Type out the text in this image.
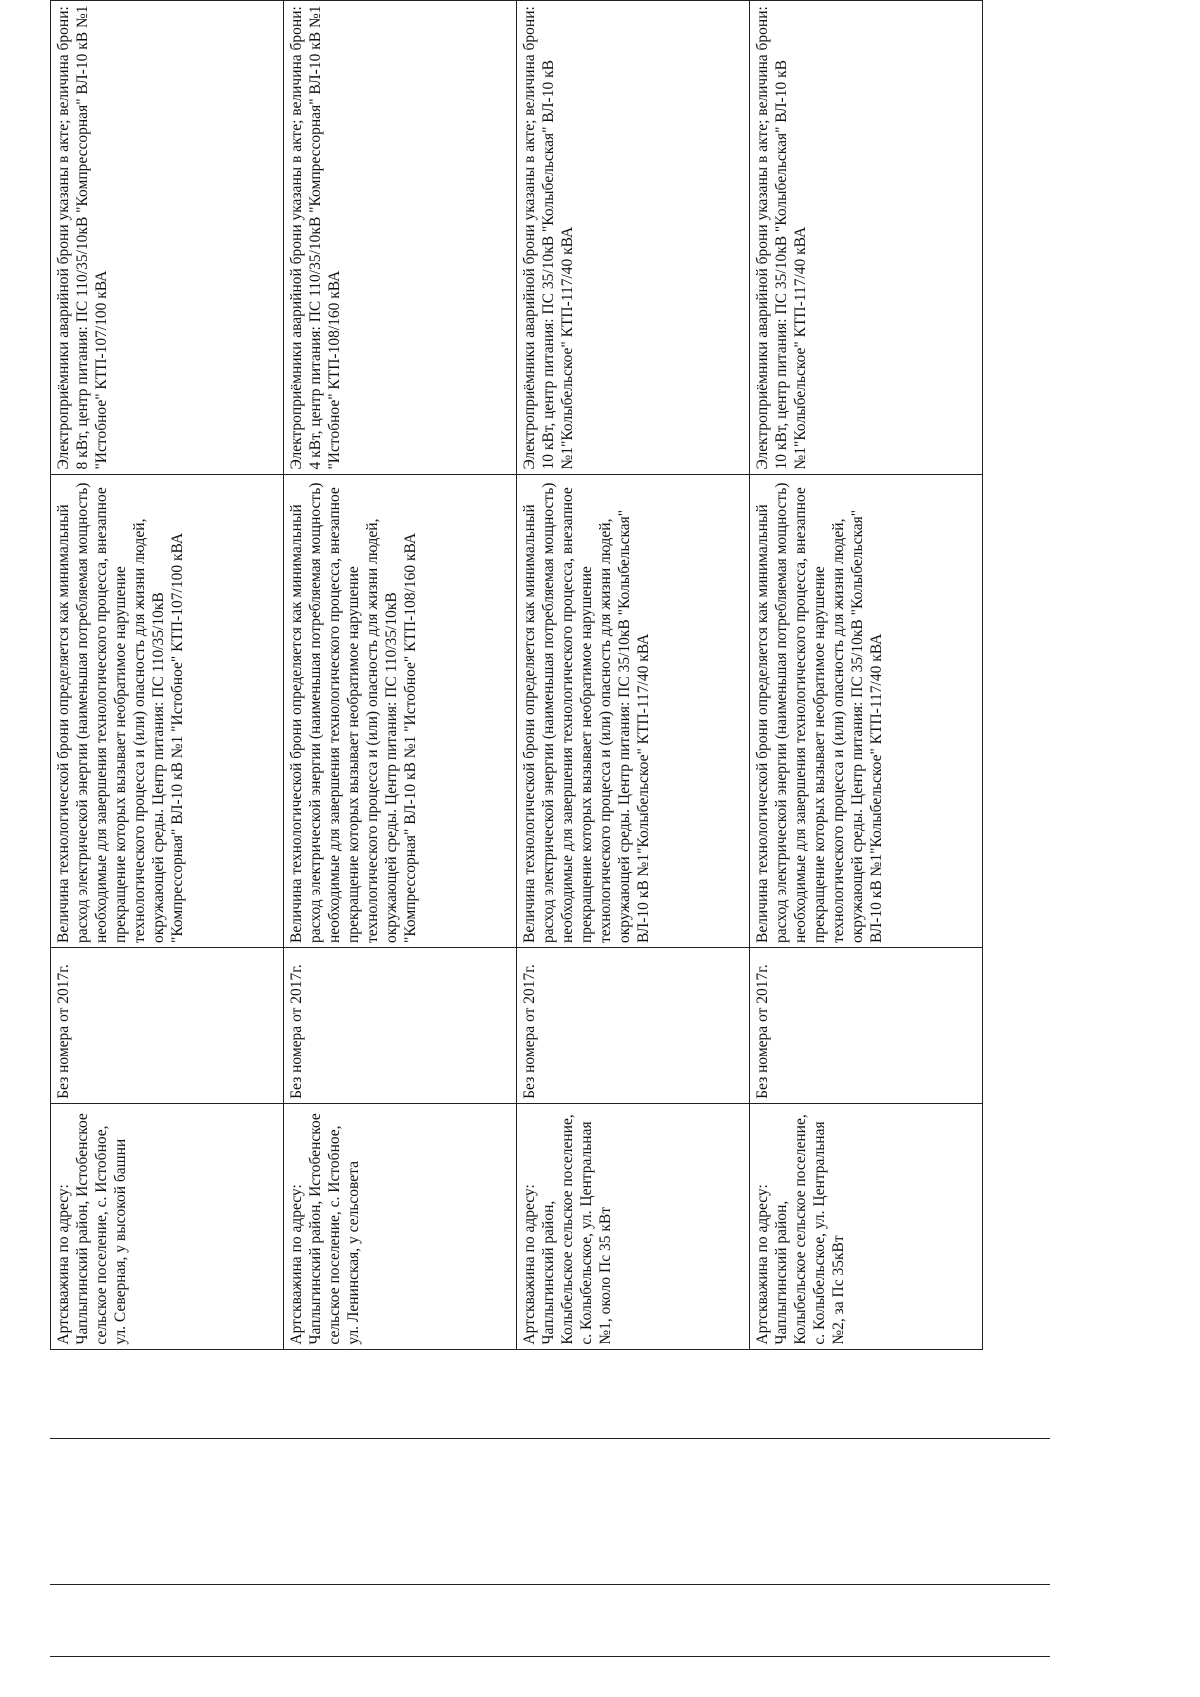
	Артскважина по адресу: Чаплыгинский район, Истобенское сельское поселение, с. Истобное, ул. Северная, у высокой башни	Без номера от 2017г.	Величина технологической брони определяется как минимальный расход электрической энергии (наименьшая потребляемая мощность) необходимые для завершения технологического процесса, внезапное прекращение которых вызывает необратимое нарушение технологического процесса и (или) опасность для жизни людей, окружающей среды. Центр питания: ПС 110/35/10кВ "Компрессорная" ВЛ-10 кВ №1 "Истобное" КТП-107/100 кВА	Электроприёмники аварийной брони указаны в акте; величина брони: 8 кВт, центр питания: ПС 110/35/10кВ "Компрессорная" ВЛ-10 кВ №1 "Истобное" КТП-107/100 кВА

	Артскважина по адресу: Чаплыгинский район, Истобенское сельское поселение, с. Истобное, ул. Ленинская, у сельсовета	Без номера от 2017г.	Величина технологической брони определяется как минимальный расход электрической энергии (наименьшая потребляемая мощность) необходимые для завершения технологического процесса, внезапное прекращение которых вызывает необратимое нарушение технологического процесса и (или) опасность для жизни людей, окружающей среды. Центр питания: ПС 110/35/10кВ "Компрессорная" ВЛ-10 кВ №1 "Истобное" КТП-108/160 кВА	Электроприёмники аварийной брони указаны в акте; величина брони: 4 кВт, центр питания: ПС 110/35/10кВ "Компрессорная" ВЛ-10 кВ №1 "Истобное" КТП-108/160 кВА

	Артскважина по адресу: Чаплыгинский район, Колыбельское сельское поселение, с. Колыбельское, ул. Центральная №1, около Пс 35 кВт	Без номера от 2017г.	Величина технологической брони определяется как минимальный расход электрической энергии (наименьшая потребляемая мощность) необходимые для завершения технологического процесса, внезапное прекращение которых вызывает необратимое нарушение технологического процесса и (или) опасность для жизни людей, окружающей среды. Центр питания: ПС 35/10кВ "Колыбельская" ВЛ-10 кВ №1"Колыбельское" КТП-117/40 кВА	Электроприёмники аварийной брони указаны в акте; величина брони: 10 кВт, центр питания: ПС 35/10кВ "Колыбельская" ВЛ-10 кВ №1"Колыбельское" КТП-117/40 кВА

	Артскважина по адресу: Чаплыгинский район, Колыбельское сельское поселение, с. Колыбельское, ул. Центральная №2, за Пс 35кВт	Без номера от 2017г.	Величина технологической брони определяется как минимальный расход электрической энергии (наименьшая потребляемая мощность) необходимые для завершения технологического процесса, внезапное прекращение которых вызывает необратимое нарушение технологического процесса и (или) опасность для жизни людей, окружающей среды. Центр питания: ПС 35/10кВ "Колыбельская" ВЛ-10 кВ №1"Колыбельское" КТП-117/40 кВА	Электроприёмники аварийной брони указаны в акте; величина брони: 10 кВт, центр питания: ПС 35/10кВ "Колыбельская" ВЛ-10 кВ №1"Колыбельское" КТП-117/40 кВА
